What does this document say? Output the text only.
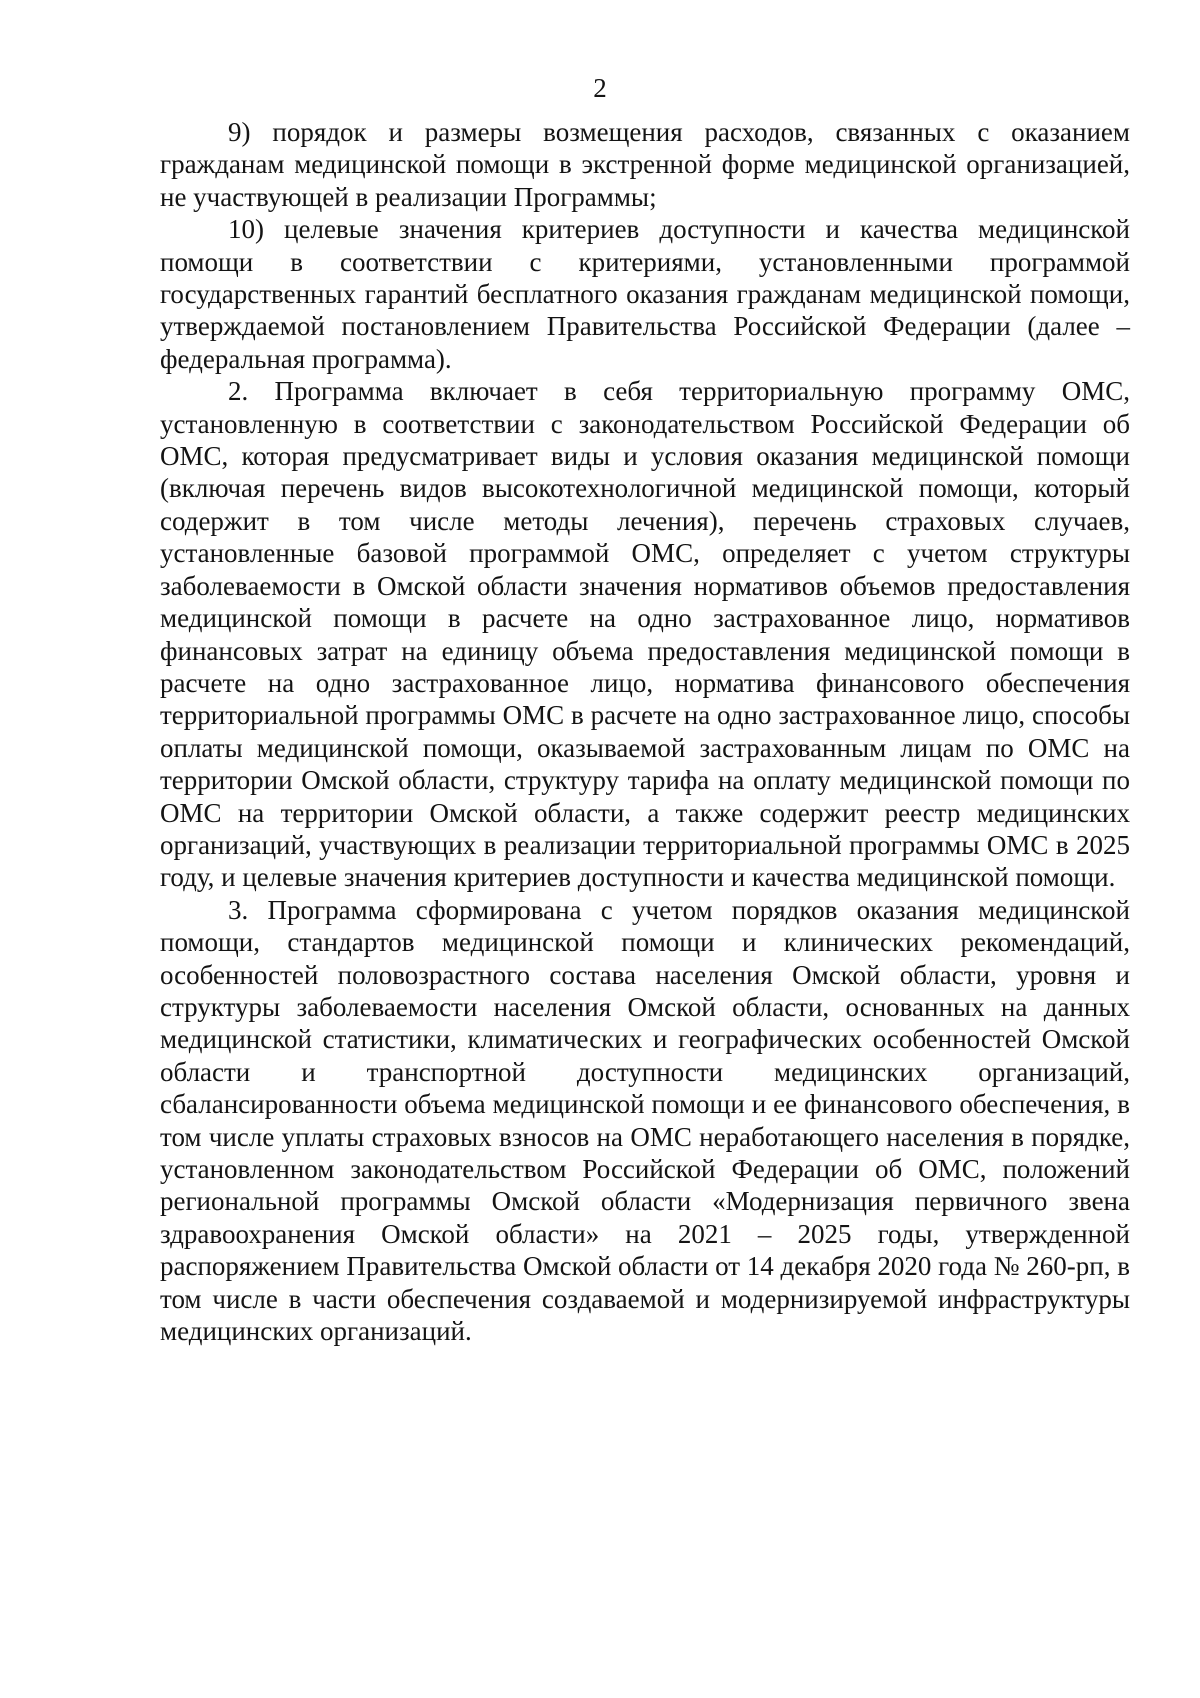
2

9) порядок и размеры возмещения расходов, связанных с оказанием гражданам медицинской помощи в экстренной форме медицинской организацией, не участвующей в реализации Программы;

10) целевые значения критериев доступности и качества медицинской помощи в соответствии с критериями, установленными программой государственных гарантий бесплатного оказания гражданам медицинской помощи, утверждаемой постановлением Правительства Российской Федерации (далее – федеральная программа).

2. Программа включает в себя территориальную программу ОМС, установленную в соответствии с законодательством Российской Федерации об ОМС, которая предусматривает виды и условия оказания медицинской помощи (включая перечень видов высокотехнологичной медицинской помощи, который содержит в том числе методы лечения), перечень страховых случаев, установленные базовой программой ОМС, определяет с учетом структуры заболеваемости в Омской области значения нормативов объемов предоставления медицинской помощи в расчете на одно застрахованное лицо, нормативов финансовых затрат на единицу объема предоставления медицинской помощи в расчете на одно застрахованное лицо, норматива финансового обеспечения территориальной программы ОМС в расчете на одно застрахованное лицо, способы оплаты медицинской помощи, оказываемой застрахованным лицам по ОМС на территории Омской области, структуру тарифа на оплату медицинской помощи по ОМС на территории Омской области, а также содержит реестр медицинских организаций, участвующих в реализации территориальной программы ОМС в 2025 году, и целевые значения критериев доступности и качества медицинской помощи.

3. Программа сформирована с учетом порядков оказания медицинской помощи, стандартов медицинской помощи и клинических рекомендаций, особенностей половозрастного состава населения Омской области, уровня и структуры заболеваемости населения Омской области, основанных на данных медицинской статистики, климатических и географических особенностей Омской области и транспортной доступности медицинских организаций, сбалансированности объема медицинской помощи и ее финансового обеспечения, в том числе уплаты страховых взносов на ОМС неработающего населения в порядке, установленном законодательством Российской Федерации об ОМС, положений региональной программы Омской области «Модернизация первичного звена здравоохранения Омской области» на 2021 – 2025 годы, утвержденной распоряжением Правительства Омской области от 14 декабря 2020 года № 260-рп, в том числе в части обеспечения создаваемой и модернизируемой инфраструктуры медицинских организаций.
